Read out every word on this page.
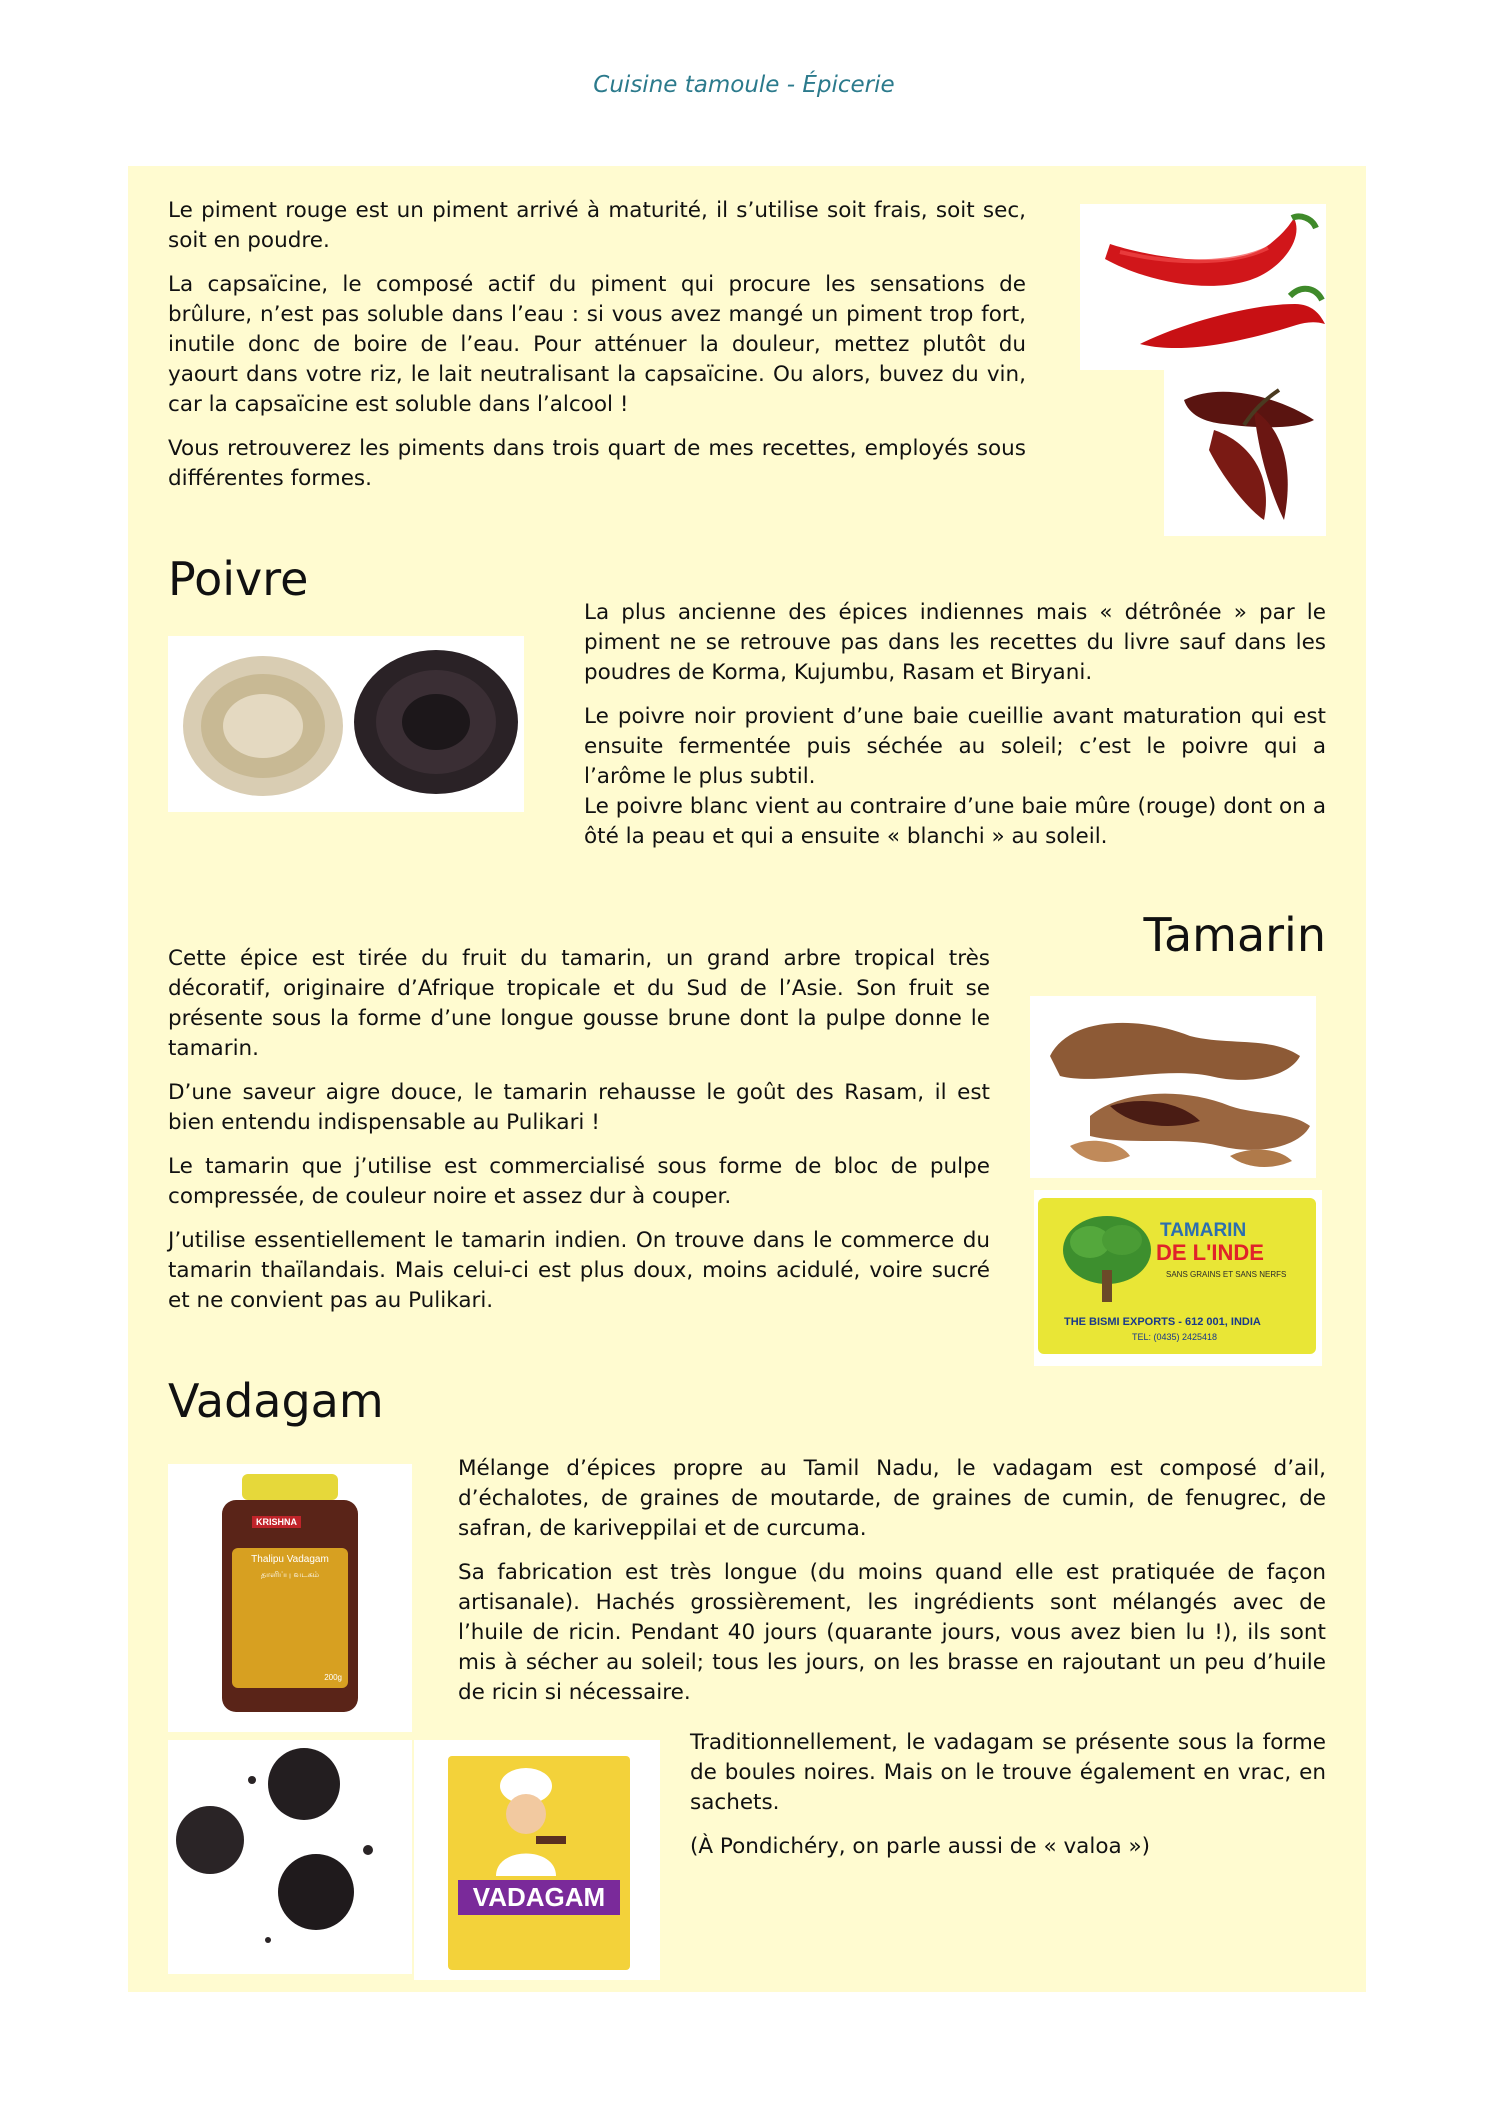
Cuisine tamoule - Épicerie

Le piment rouge est un piment arrivé à maturité, il s’utilise soit frais, soit sec, soit en poudre.

La capsaïcine, le composé actif du piment qui procure les sensations de brûlure, n’est pas soluble dans l’eau : si vous avez mangé un piment trop fort, inutile donc de boire de l’eau. Pour atténuer la douleur, mettez plutôt du yaourt dans votre riz, le lait neutralisant la capsaïcine. Ou alors, buvez du vin, car la capsaïcine est soluble dans l’alcool !

Vous retrouverez les piments dans trois quart de mes recettes, employés sous différentes formes.

Poivre

La plus ancienne des épices indiennes mais « détrônée » par le piment ne se retrouve pas dans les recettes du livre sauf dans les poudres de Korma, Kujumbu, Rasam et Biryani.

Le poivre noir provient d’une baie cueillie avant maturation qui est ensuite fermentée puis séchée au soleil; c’est le poivre qui a l’arôme le plus subtil.

Le poivre blanc vient au contraire d’une baie mûre (rouge) dont on a ôté la peau et qui a ensuite « blanchi » au soleil.

Tamarin

Cette épice est tirée du fruit du tamarin, un grand arbre tropical très décoratif, originaire d’Afrique tropicale et du Sud de l’Asie. Son fruit se présente sous la forme d’une longue gousse brune dont la pulpe donne le tamarin.

D’une saveur aigre douce, le tamarin rehausse le goût des Rasam, il est bien entendu indispensable au Pulikari !

Le tamarin que j’utilise est commercialisé sous forme de bloc de pulpe compressée, de couleur noire et assez dur à couper.

J’utilise essentiellement le tamarin indien. On trouve dans le commerce du tamarin thaïlandais. Mais celui-ci est plus doux, moins acidulé, voire sucré et ne convient pas au Pulikari.

TAMARIN
DE L'INDE
SANS GRAINS ET SANS NERFS
THE BISMI EXPORTS - 612 001, INDIA
TEL: (0435) 2425418
Vadagam
KRISHNA
Thalipu Vadagam
தாளிப்பு வடகம்
200g

Mélange d’épices propre au Tamil Nadu, le vadagam est composé d’ail, d’échalotes, de graines de moutarde, de graines de cumin, de fenugrec, de safran, de kariveppilai et de curcuma.

Sa fabrication est très longue (du moins quand elle est pratiquée de façon artisanale). Hachés grossièrement, les ingrédients sont mélangés avec de l’huile de ricin. Pendant 40 jours (quarante jours, vous avez bien lu !), ils sont mis à sécher au soleil; tous les jours, on les brasse en rajoutant un peu d’huile de ricin si nécessaire.

VADAGAM

Traditionnellement, le vadagam se présente sous la forme de boules noires. Mais on le trouve également en vrac, en sachets.

(À Pondichéry, on parle aussi de « valoa »)
